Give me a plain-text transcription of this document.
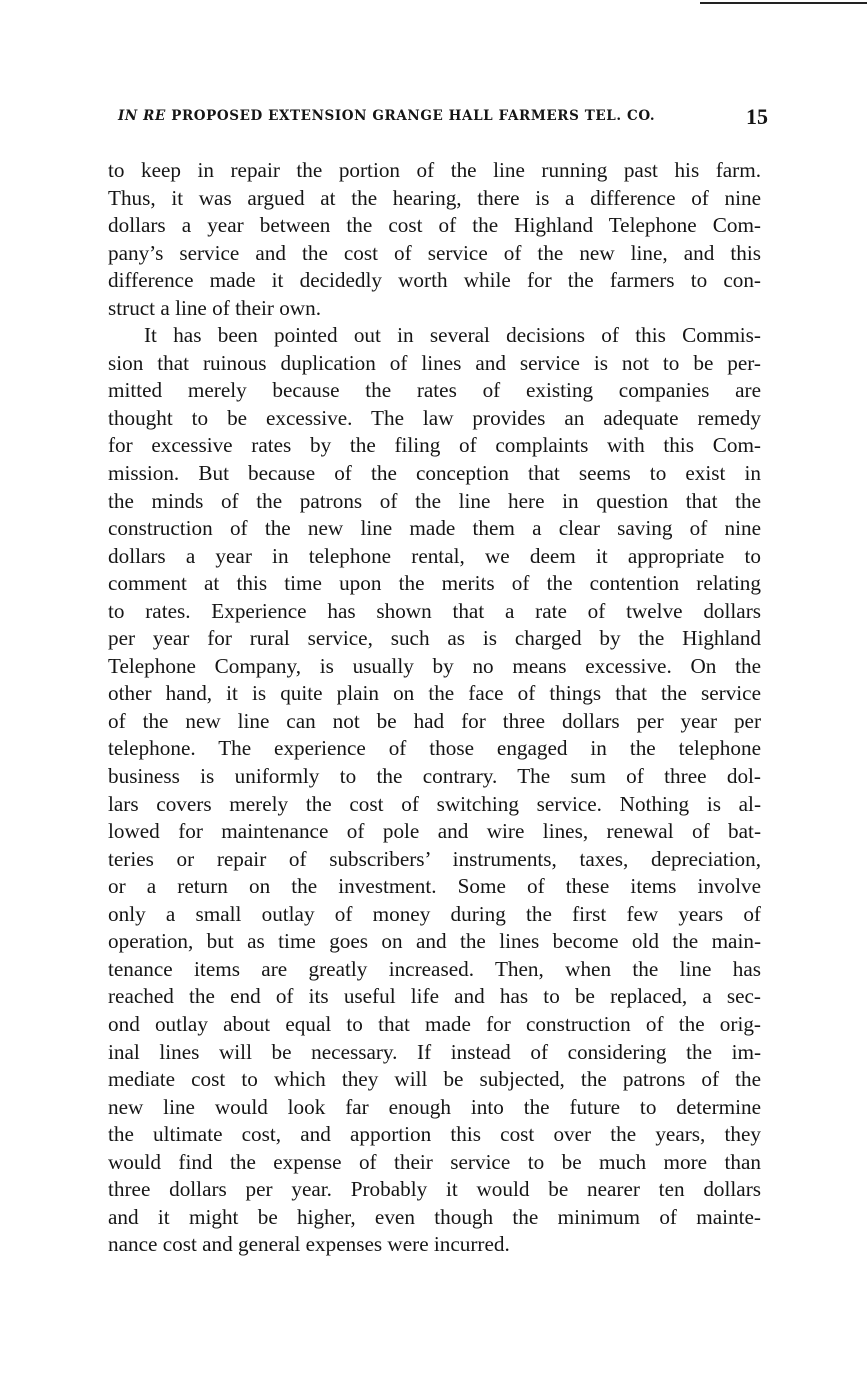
IN RE PROPOSED EXTENSION GRANGE HALL FARMERS TEL. CO.	15
to keep in repair the portion of the line running past his farm.
Thus, it was argued at the hearing, there is a difference of nine
dollars a year between the cost of the Highland Telephone Com-
pany’s service and the cost of service of the new line, and this
difference made it decidedly worth while for the farmers to con-
struct a line of their own.
It has been pointed out in several decisions of this Commis-
sion that ruinous duplication of lines and service is not to be per-
mitted merely because the rates of existing companies are
thought to be excessive. The law provides an adequate remedy
for excessive rates by the filing of complaints with this Com-
mission. But because of the conception that seems to exist in
the minds of the patrons of the line here in question that the
construction of the new line made them a clear saving of nine
dollars a year in telephone rental, we deem it appropriate to
comment at this time upon the merits of the contention relating
to rates. Experience has shown that a rate of twelve dollars
per year for rural service, such as is charged by the Highland
Telephone Company, is usually by no means excessive. On the
other hand, it is quite plain on the face of things that the service
of the new line can not be had for three dollars per year per
telephone. The experience of those engaged in the telephone
business is uniformly to the contrary. The sum of three dol-
lars covers merely the cost of switching service. Nothing is al-
lowed for maintenance of pole and wire lines, renewal of bat-
teries or repair of subscribers’ instruments, taxes, depreciation,
or a return on the investment. Some of these items involve
only a small outlay of money during the first few years of
operation, but as time goes on and the lines become old the main-
tenance items are greatly increased. Then, when the line has
reached the end of its useful life and has to be replaced, a sec-
ond outlay about equal to that made for construction of the orig-
inal lines will be necessary. If instead of considering the im-
mediate cost to which they will be subjected, the patrons of the
new line would look far enough into the future to determine
the ultimate cost, and apportion this cost over the years, they
would find the expense of their service to be much more than
three dollars per year. Probably it would be nearer ten dollars
and it might be higher, even though the minimum of mainte-
nance cost and general expenses were incurred.
